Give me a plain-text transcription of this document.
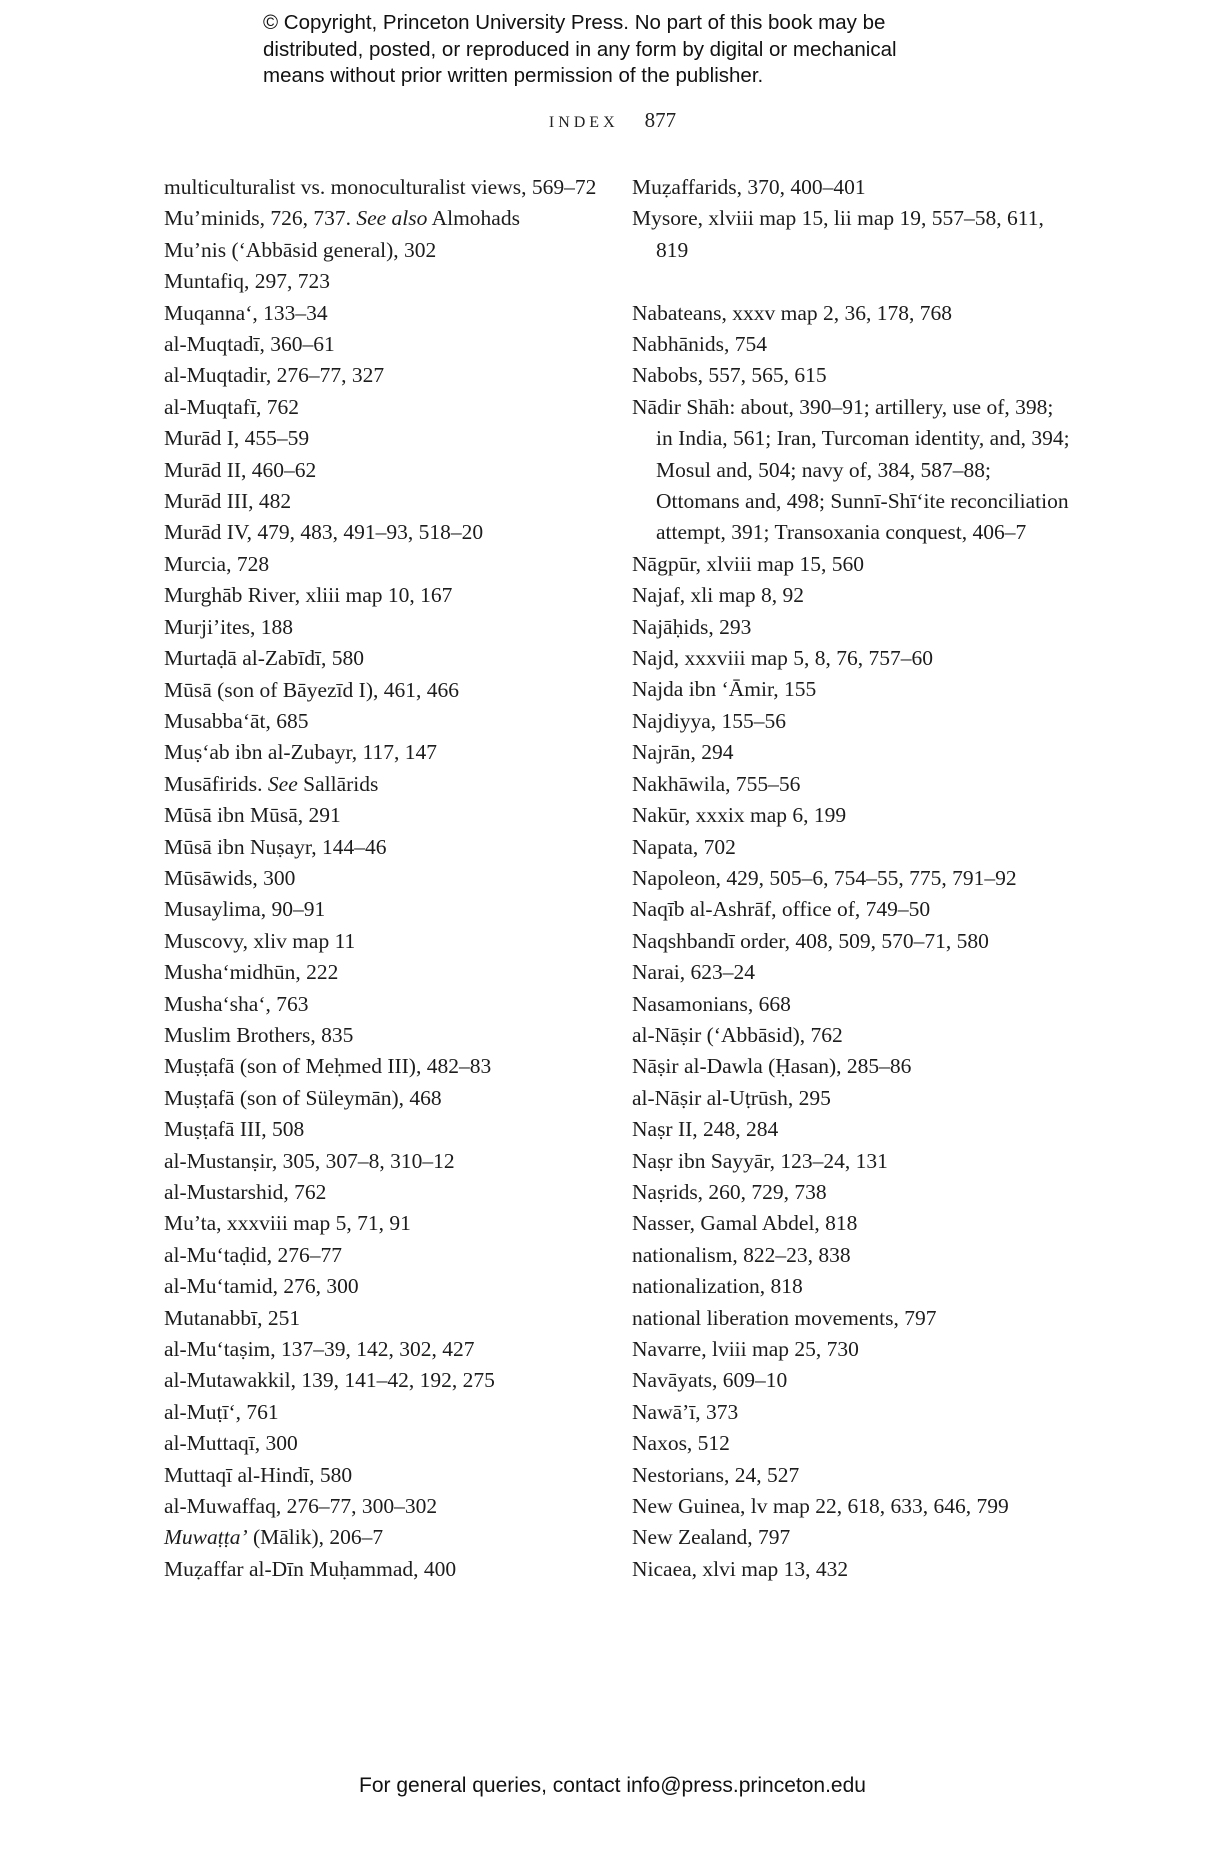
© Copyright, Princeton University Press. No part of this book may be
distributed, posted, or reproduced in any form by digital or mechanical
means without prior written permission of the publisher.
INDEX 877

multiculturalist vs. monoculturalist views, 569–72

Mu’minids, 726, 737. See also Almohads

Mu’nis (‘Abbāsid general), 302

Muntafiq, 297, 723

Muqanna‘, 133–34

al-Muqtadī, 360–61

al-Muqtadir, 276–77, 327

al-Muqtafī, 762

Murād I, 455–59

Murād II, 460–62

Murād III, 482

Murād IV, 479, 483, 491–93, 518–20

Murcia, 728

Murghāb River, xliii map 10, 167

Murji’ites, 188

Murtaḍā al-Zabīdī, 580

Mūsā (son of Bāyezīd I), 461, 466

Musabba‘āt, 685

Muṣ‘ab ibn al-Zubayr, 117, 147

Musāfirids. See Sallārids

Mūsā ibn Mūsā, 291

Mūsā ibn Nuṣayr, 144–46

Mūsāwids, 300

Musaylima, 90–91

Muscovy, xliv map 11

Musha‘midhūn, 222

Musha‘sha‘, 763

Muslim Brothers, 835

Muṣṭafā (son of Meḥmed III), 482–83

Muṣṭafā (son of Süleymān), 468

Muṣṭafā III, 508

al-Mustanṣir, 305, 307–8, 310–12

al-Mustarshid, 762

Mu’ta, xxxviii map 5, 71, 91

al-Mu‘taḍid, 276–77

al-Mu‘tamid, 276, 300

Mutanabbī, 251

al-Mu‘taṣim, 137–39, 142, 302, 427

al-Mutawakkil, 139, 141–42, 192, 275

al-Muṭī‘, 761

al-Muttaqī, 300

Muttaqī al-Hindī, 580

al-Muwaffaq, 276–77, 300–302

Muwaṭṭa’ (Mālik), 206–7

Muẓaffar al-Dīn Muḥammad, 400

Muẓaffarids, 370, 400–401

Mysore, xlviii map 15, lii map 19, 557–58, 611, 819

Nabateans, xxxv map 2, 36, 178, 768

Nabhānids, 754

Nabobs, 557, 565, 615

Nādir Shāh: about, 390–91; artillery, use of, 398; in India, 561; Iran, Turcoman identity, and, 394; Mosul and, 504; navy of, 384, 587–88; Ottomans and, 498; Sunnī-Shī‘ite reconciliation attempt, 391; Transoxania conquest, 406–7

Nāgpūr, xlviii map 15, 560

Najaf, xli map 8, 92

Najāḥids, 293

Najd, xxxviii map 5, 8, 76, 757–60

Najda ibn ‘Āmir, 155

Najdiyya, 155–56

Najrān, 294

Nakhāwila, 755–56

Nakūr, xxxix map 6, 199

Napata, 702

Napoleon, 429, 505–6, 754–55, 775, 791–92

Naqīb al-Ashrāf, office of, 749–50

Naqshbandī order, 408, 509, 570–71, 580

Narai, 623–24

Nasamonians, 668

al-Nāṣir (‘Abbāsid), 762

Nāṣir al-Dawla (Ḥasan), 285–86

al-Nāṣir al-Uṭrūsh, 295

Naṣr II, 248, 284

Naṣr ibn Sayyār, 123–24, 131

Naṣrids, 260, 729, 738

Nasser, Gamal Abdel, 818

nationalism, 822–23, 838

nationalization, 818

national liberation movements, 797

Navarre, lviii map 25, 730

Navāyats, 609–10

Nawā’ī, 373

Naxos, 512

Nestorians, 24, 527

New Guinea, lv map 22, 618, 633, 646, 799

New Zealand, 797

Nicaea, xlvi map 13, 432

For general queries, contact info@press.princeton.edu
